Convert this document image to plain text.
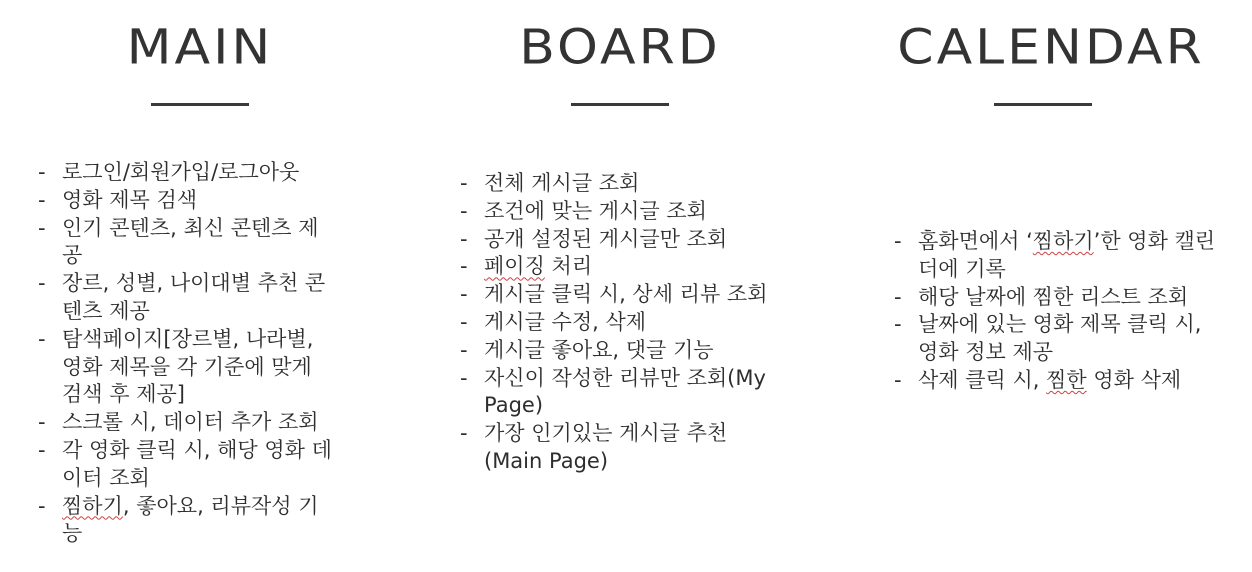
MAIN
- 로그인/회원가입/로그아웃
- 영화 제목 검색
- 인기 콘텐츠, 최신 콘텐츠 제공
- 장르, 성별, 나이대별 추천 콘텐츠 제공
- 탐색페이지[장르별, 나라별, 영화 제목을 각 기준에 맞게 검색 후 제공]
- 스크롤 시, 데이터 추가 조회
- 각 영화 클릭 시, 해당 영화 데이터 조회
- 찜하기, 좋아요, 리뷰작성 기능
BOARD
- 전체 게시글 조회
- 조건에 맞는 게시글 조회
- 공개 설정된 게시글만 조회
- 페이징 처리
- 게시글 클릭 시, 상세 리뷰 조회
- 게시글 수정, 삭제
- 게시글 좋아요, 댓글 기능
- 자신이 작성한 리뷰만 조회(My Page)
- 가장 인기있는 게시글 추천(Main Page)
CALENDAR
- 홈화면에서 ‘찜하기’한 영화 캘린더에 기록
- 해당 날짜에 찜한 리스트 조회
- 날짜에 있는 영화 제목 클릭 시, 영화 정보 제공
- 삭제 클릭 시, 찜한 영화 삭제
